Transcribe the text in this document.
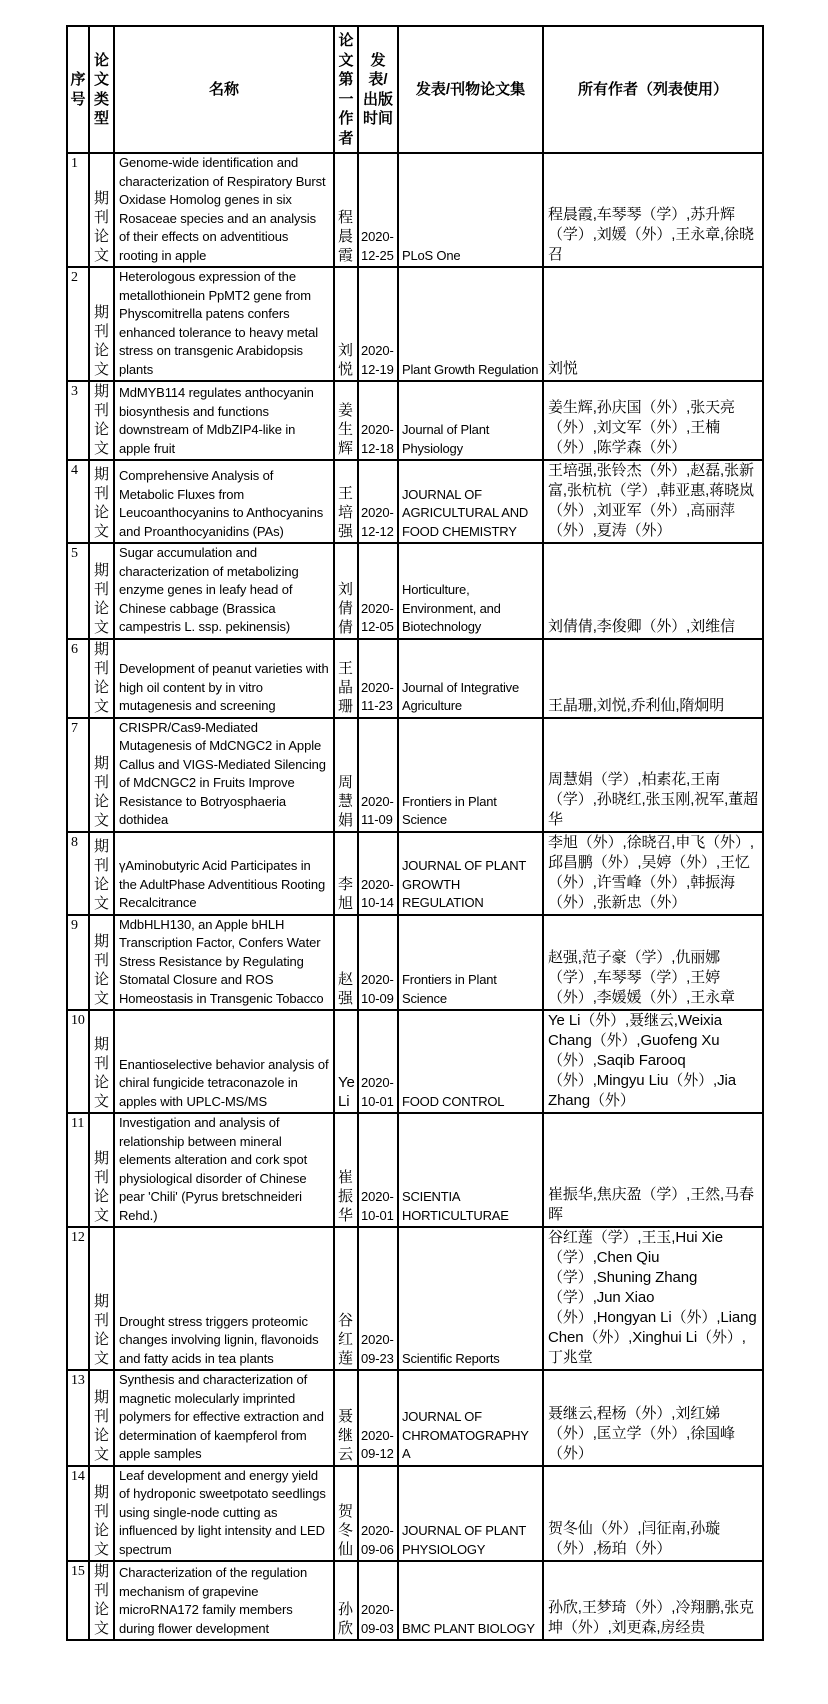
序号	论文类型	名称	论文第一作者	发表/出版时间	发表/刊物论文集	所有作者（列表使用）
1	期刊论文	Genome-wide identification and characterization of Respiratory Burst Oxidase Homolog genes in six Rosaceae species and an analysis of their effects on adventitious rooting in apple	程晨霞	2020-12-25	PLoS One	程晨霞,车琴琴（学）,苏升辉（学）,刘媛（外）,王永章,徐晓召
2	期刊论文	Heterologous expression of the metallothionein PpMT2 gene from Physcomitrella patens confers enhanced tolerance to heavy metal stress on transgenic Arabidopsis plants	刘悦	2020-12-19	Plant Growth Regulation	刘悦
3	期刊论文	MdMYB114 regulates anthocyanin biosynthesis and functions downstream of MdbZIP4-like in apple fruit	姜生辉	2020-12-18	Journal of Plant Physiology	姜生辉,孙庆国（外）,张天亮（外）,刘文军（外）,王楠（外）,陈学森（外）
4	期刊论文	Comprehensive Analysis of Metabolic Fluxes from Leucoanthocyanins to Anthocyanins and Proanthocyanidins (PAs)	王培强	2020-12-12	JOURNAL OF AGRICULTURAL AND FOOD CHEMISTRY	王培强,张铃杰（外）,赵磊,张新富,张杭杭（学）,韩亚惠,蒋晓岚（外）,刘亚军（外）,高丽萍（外）,夏涛（外）
5	期刊论文	Sugar accumulation and characterization of metabolizing enzyme genes in leafy head of Chinese cabbage (Brassica campestris L. ssp. pekinensis)	刘倩倩	2020-12-05	Horticulture, Environment, and Biotechnology	刘倩倩,李俊卿（外）,刘维信
6	期刊论文	Development of peanut varieties with high oil content by in vitro mutagenesis and screening	王晶珊	2020-11-23	Journal of Integrative Agriculture	王晶珊,刘悦,乔利仙,隋炯明
7	期刊论文	CRISPR/Cas9-Mediated Mutagenesis of MdCNGC2 in Apple Callus and VIGS-Mediated Silencing of MdCNGC2 in Fruits Improve Resistance to Botryosphaeria dothidea	周慧娟	2020-11-09	Frontiers in Plant Science	周慧娟（学）,柏素花,王南（学）,孙晓红,张玉刚,祝军,董超华
8	期刊论文	γAminobutyric Acid Participates in the AdultPhase Adventitious Rooting Recalcitrance	李旭	2020-10-14	JOURNAL OF PLANT GROWTH REGULATION	李旭（外）,徐晓召,申飞（外）,邱昌鹏（外）,吴婷（外）,王忆（外）,许雪峰（外）,韩振海（外）,张新忠（外）
9	期刊论文	MdbHLH130, an Apple bHLH Transcription Factor, Confers Water Stress Resistance by Regulating Stomatal Closure and ROS Homeostasis in Transgenic Tobacco	赵强	2020-10-09	Frontiers in Plant Science	赵强,范子豪（学）,仇丽娜（学）,车琴琴（学）,王婷（外）,李媛媛（外）,王永章
10	期刊论文	Enantioselective behavior analysis of chiral fungicide tetraconazole in apples with UPLC-MS/MS	Ye Li	2020-10-01	FOOD CONTROL	Ye Li（外）,聂继云,Weixia Chang（外）,Guofeng Xu（外）,Saqib Farooq（外）,Mingyu Liu（外）,Jia Zhang（外）
11	期刊论文	Investigation and analysis of relationship between mineral elements alteration and cork spot physiological disorder of Chinese pear 'Chili' (Pyrus bretschneideri Rehd.)	崔振华	2020-10-01	SCIENTIA HORTICULTURAE	崔振华,焦庆盈（学）,王然,马春晖
12	期刊论文	Drought stress triggers proteomic changes involving lignin, flavonoids and fatty acids in tea plants	谷红莲	2020-09-23	Scientific Reports	谷红莲（学）,王玉,Hui Xie（学）,Chen Qiu（学）,Shuning Zhang（学）,Jun Xiao（外）,Hongyan Li（外）,Liang Chen（外）,Xinghui Li（外）,丁兆堂
13	期刊论文	Synthesis and characterization of magnetic molecularly imprinted polymers for effective extraction and determination of kaempferol from apple samples	聂继云	2020-09-12	JOURNAL OF CHROMATOGRAPHY A	聂继云,程杨（外）,刘红娣（外）,匡立学（外）,徐国峰（外）
14	期刊论文	Leaf development and energy yield of hydroponic sweetpotato seedlings using single-node cutting as influenced by light intensity and LED spectrum	贺冬仙	2020-09-06	JOURNAL OF PLANT PHYSIOLOGY	贺冬仙（外）,闫征南,孙璇（外）,杨珀（外）
15	期刊论文	Characterization of the regulation mechanism of grapevine microRNA172 family members during flower development	孙欣	2020-09-03	BMC PLANT BIOLOGY	孙欣,王梦琦（外）,冷翔鹏,张克坤（外）,刘更森,房经贵
